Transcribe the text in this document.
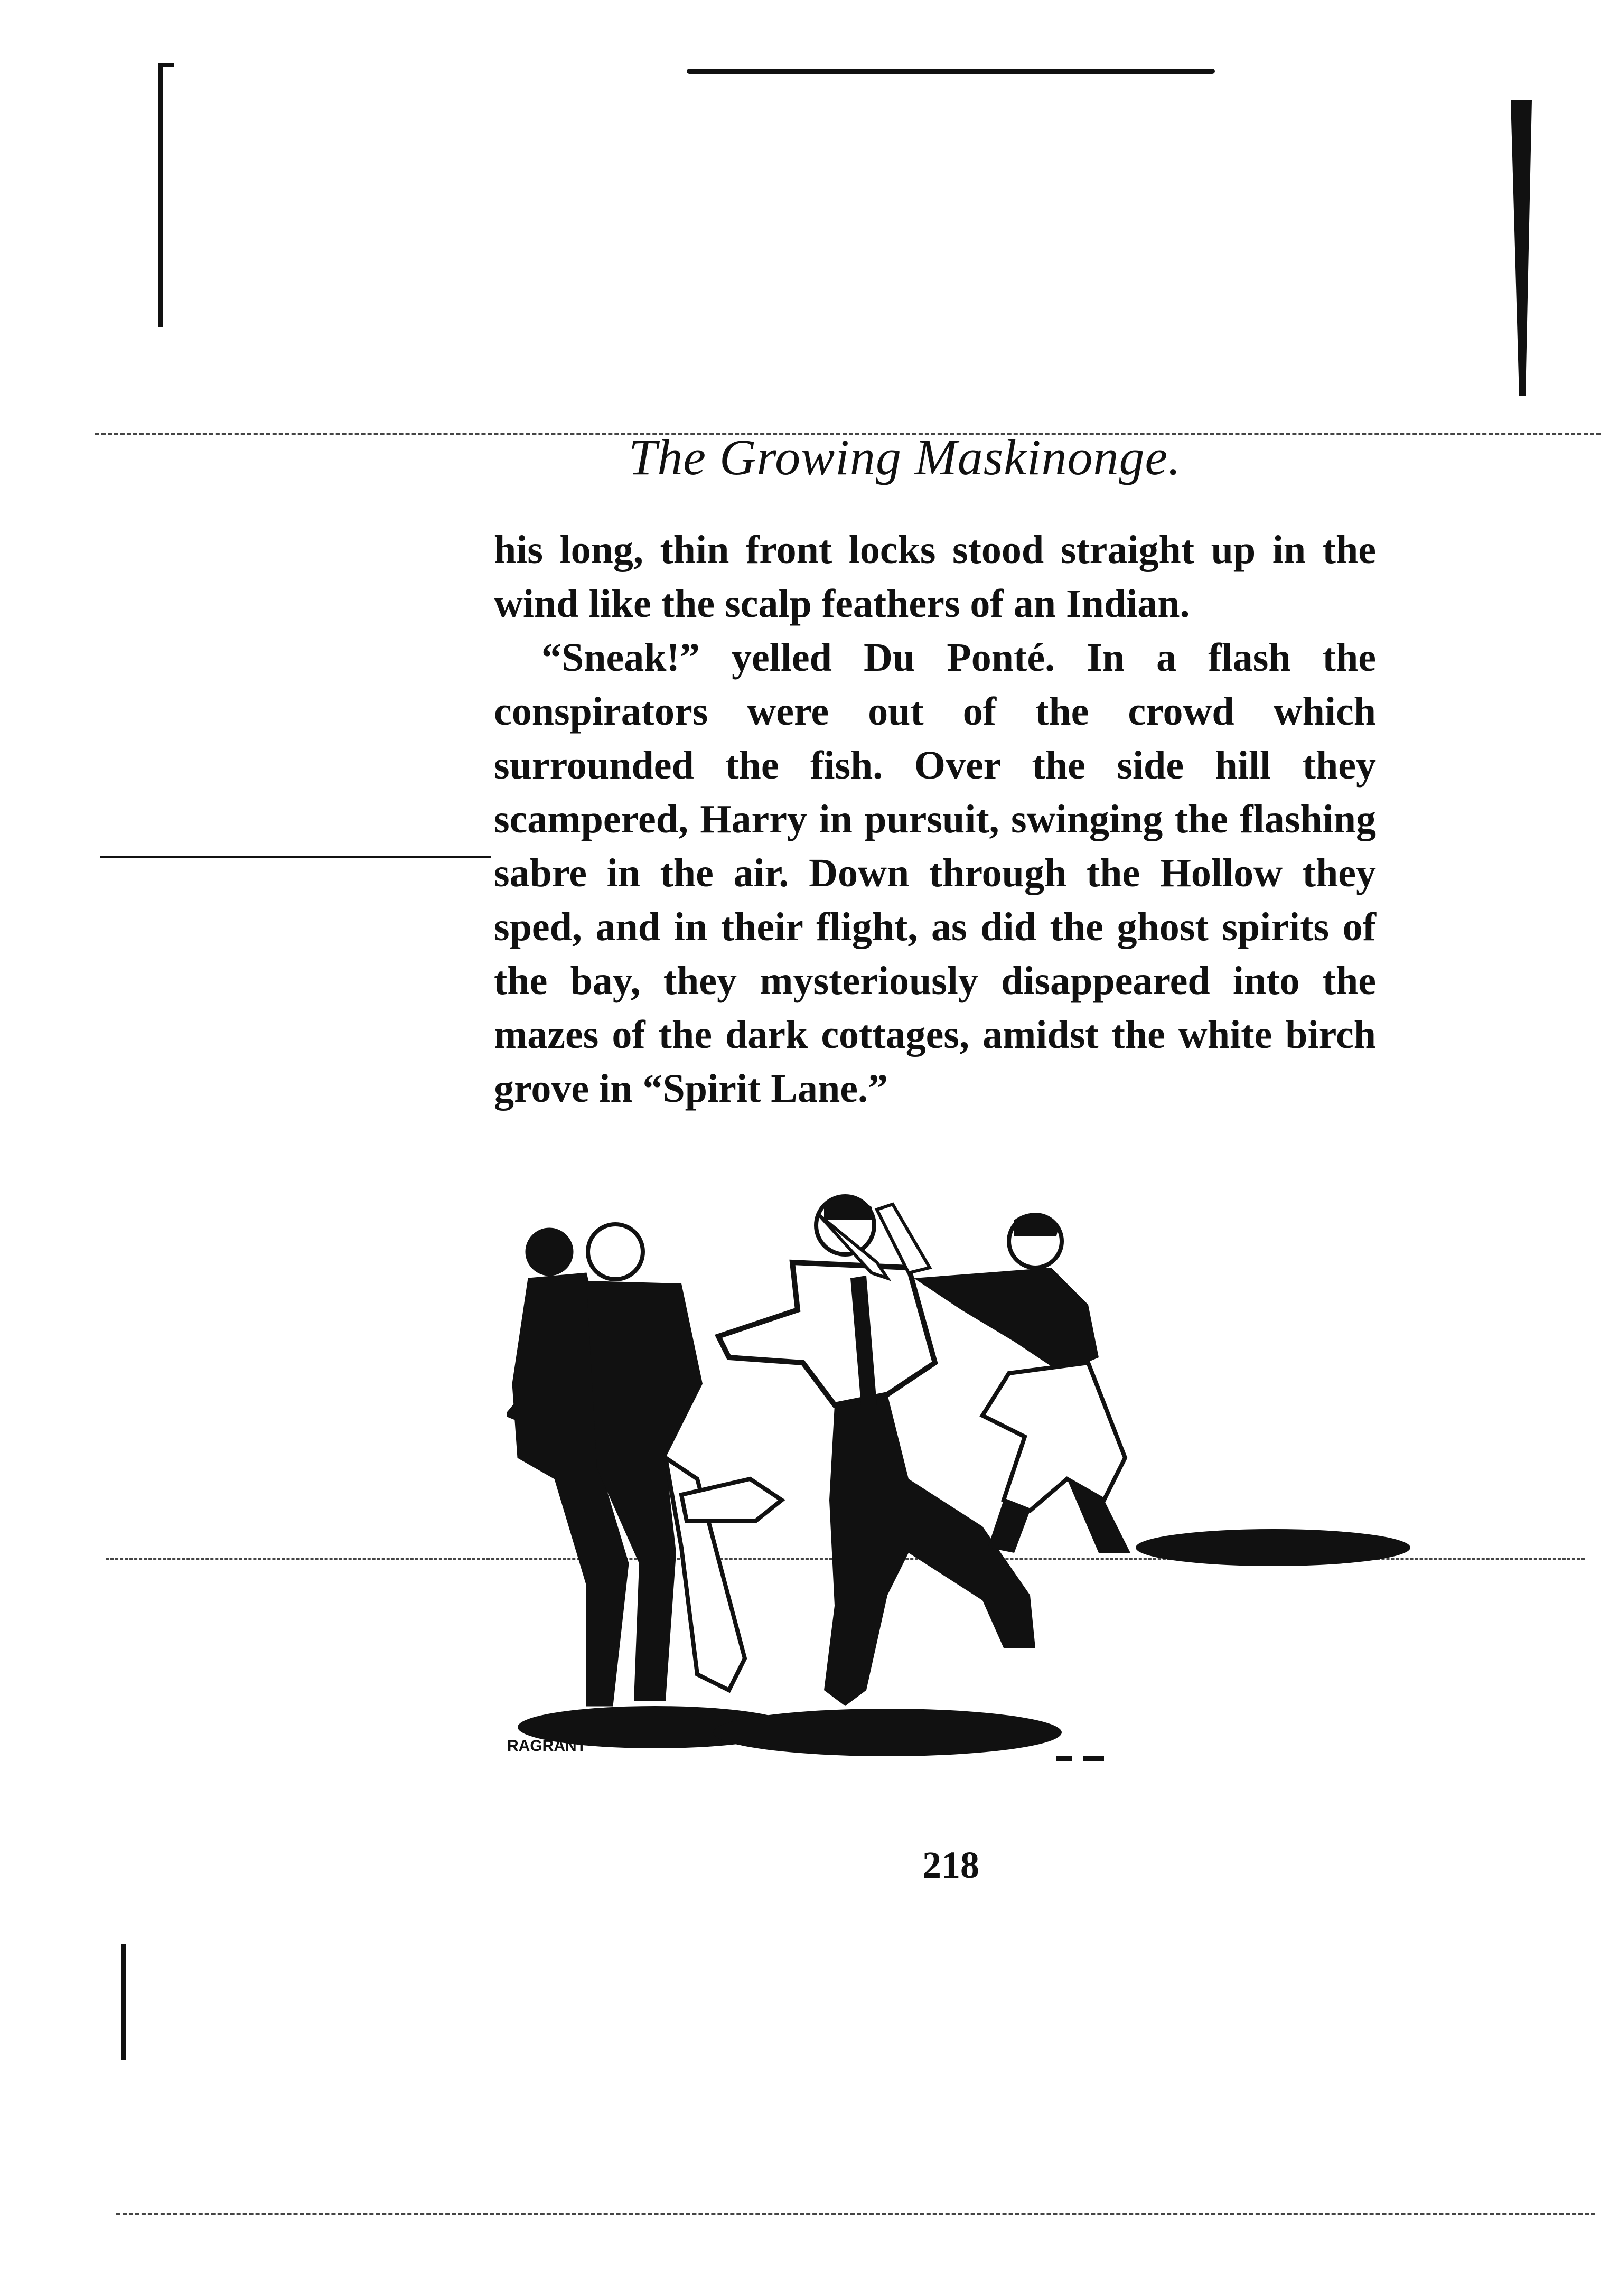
The Growing Maskinonge.

his long, thin front locks stood straight up in the wind like the scalp feathers of an Indian.

“Sneak!” yelled Du Ponté. In a flash the conspirators were out of the crowd which surrounded the fish. Over the side hill they scampered, Harry in pursuit, swinging the flashing sabre in the air. Down through the Hollow they sped, and in their flight, as did the ghost spirits of the bay, they mysteriously disappeared into the mazes of the dark cottages, amidst the white birch grove in “Spirit Lane.”

RAGRANT
218
